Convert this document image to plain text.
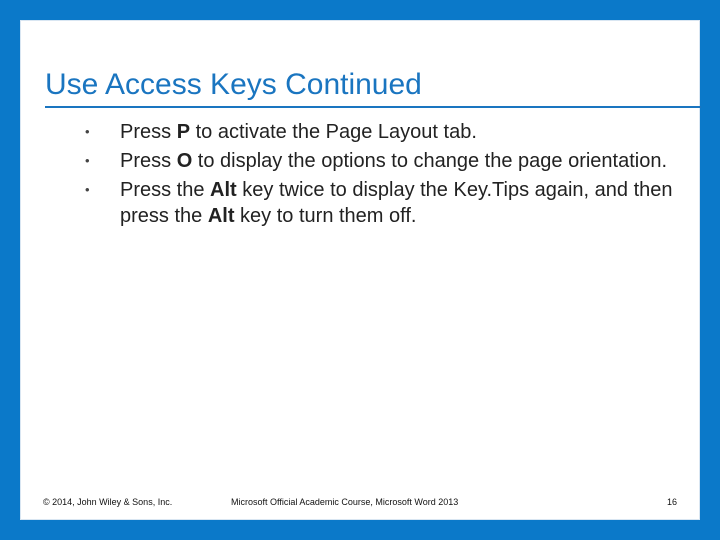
Use Access Keys Continued
•	Press P to activate the Page Layout tab.
•	Press O to display the options to change the page orientation.
•	Press the Alt key twice to display the Key.Tips again, and then press the Alt key to turn them off.
© 2014, John Wiley & Sons, Inc.	Microsoft Official Academic Course, Microsoft Word 2013	16
